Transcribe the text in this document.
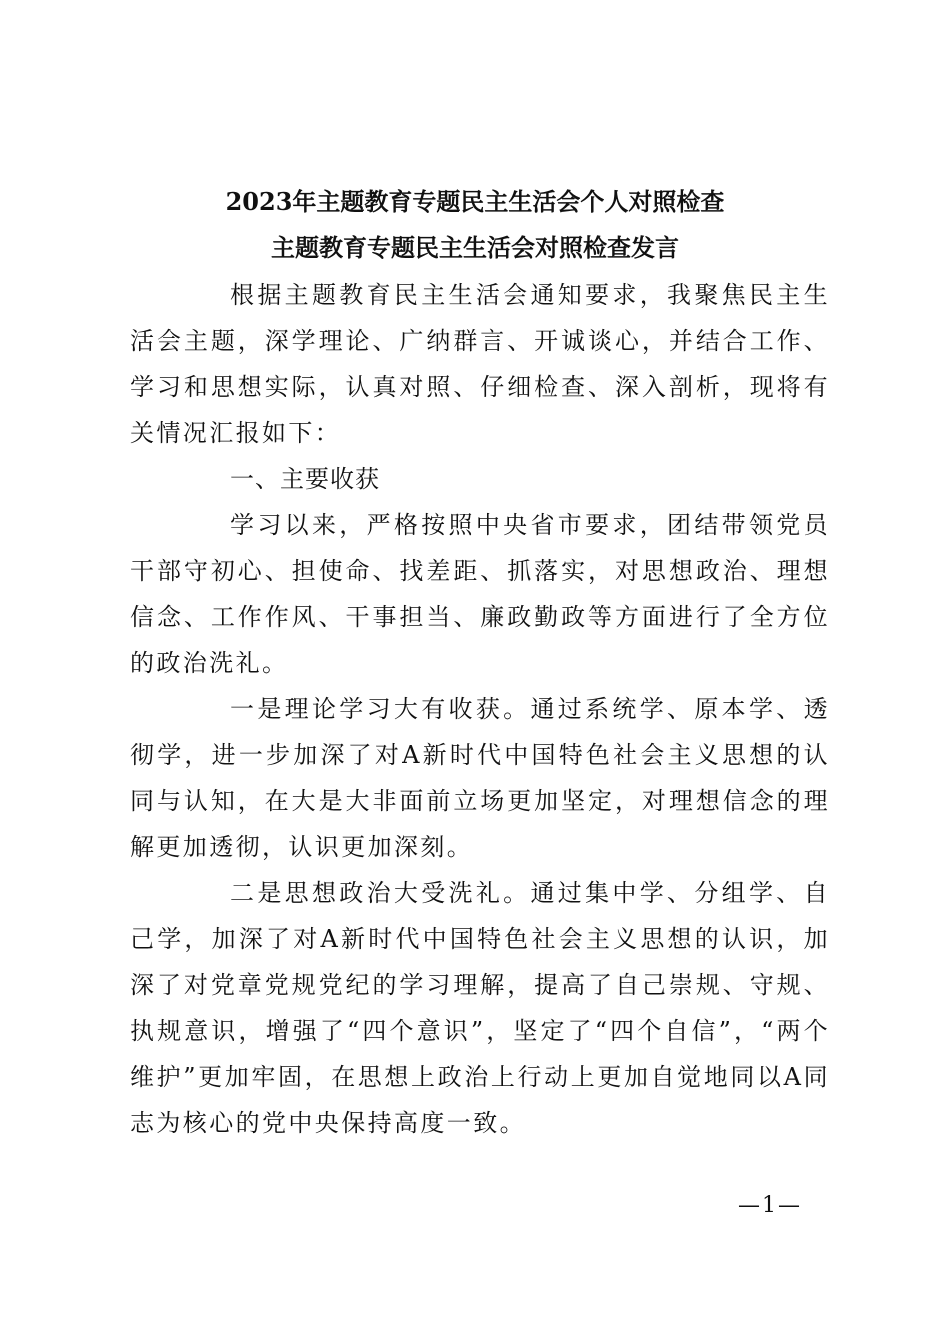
2023年主题教育专题民主生活会个人对照检查
主题教育专题民主生活会对照检查发言

根据主题教育民主生活会通知要求，我聚焦民主生活会主题，深学理论、广纳群言、开诚谈心，并结合工作、学习和思想实际，认真对照、仔细检查、深入剖析，现将有关情况汇报如下：

一、主要收获

学习以来，严格按照中央省市要求，团结带领党员干部守初心、担使命、找差距、抓落实，对思想政治、理想信念、工作作风、干事担当、廉政勤政等方面进行了全方位的政治洗礼。

一是理论学习大有收获。通过系统学、原本学、透彻学，进一步加深了对A新时代中国特色社会主义思想的认同与认知，在大是大非面前立场更加坚定，对理想信念的理解更加透彻，认识更加深刻。

二是思想政治大受洗礼。通过集中学、分组学、自己学，加深了对A新时代中国特色社会主义思想的认识，加深了对党章党规党纪的学习理解，提高了自己崇规、守规、执规意识，增强了“四个意识”，坚定了“四个自信”，“两个维护”更加牢固，在思想上政治上行动上更加自觉地同以A同志为核心的党中央保持高度一致。

—1—
